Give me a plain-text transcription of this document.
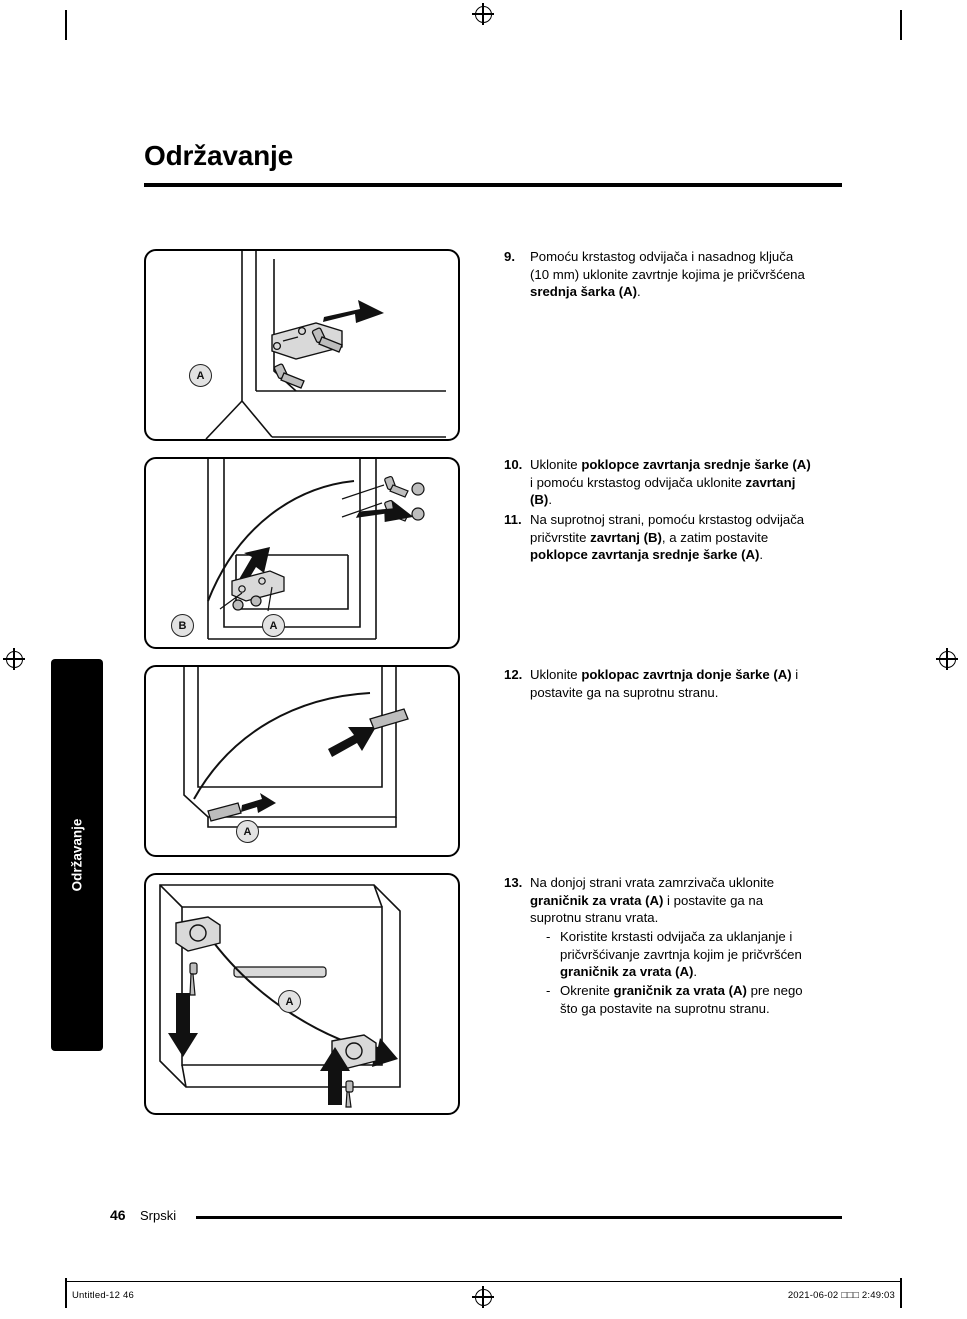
Održavanje
Održavanje
A
B	A
A
A
9.	Pomoću krstastog odvijača i nasadnog ključa
(10 mm) uklonite zavrtnje kojima je pričvršćena
srednja šarka (A).
10. Uklonite poklopce zavrtanja srednje šarke (A)
i pomoću krstastog odvijača uklonite zavrtanj
(B).
11. Na suprotnoj strani, pomoću krstastog odvijača
pričvrstite zavrtanj (B), a zatim postavite
poklopce zavrtanja srednje šarke (A).
12. Uklonite poklopac zavrtnja donje šarke (A) i
postavite ga na suprotnu stranu.
13. Na donjoj strani vrata zamrzivača uklonite
graničnik za vrata (A) i postavite ga na
suprotnu stranu vrata.
- Koristite krstasti odvijača za uklanjanje i
pričvršćivanje zavrtnja kojim je pričvršćen
graničnik za vrata (A).
- Okrenite graničnik za vrata (A) pre nego
što ga postavite na suprotnu stranu.
46 Srpski
Untitled-12 46	2021-06-02 □□□ 2:49:03
